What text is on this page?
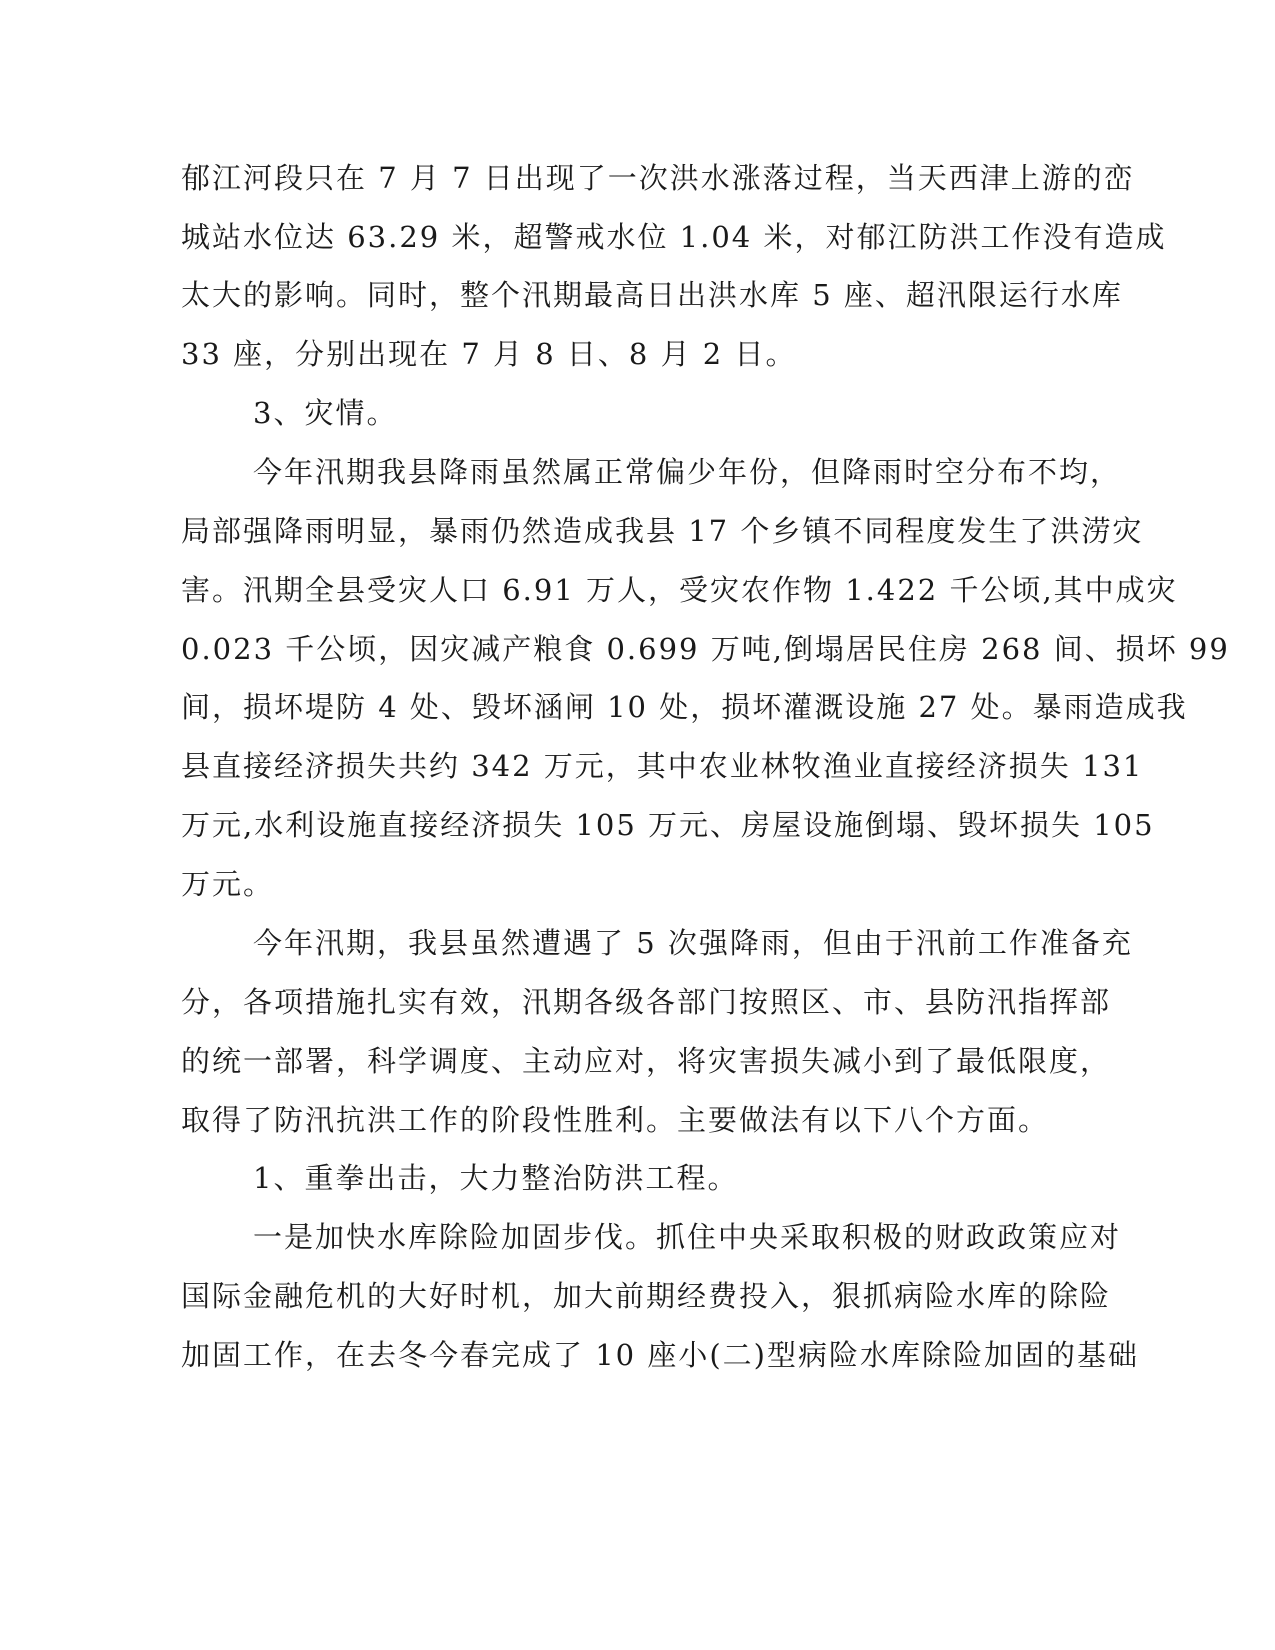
郁江河段只在 7 月 7 日出现了一次洪水涨落过程，当天西津上游的峦
城站水位达 63.29 米，超警戒水位 1.04 米，对郁江防洪工作没有造成
太大的影响。同时，整个汛期最高日出洪水库 5 座、超汛限运行水库
33 座，分别出现在 7 月 8 日、8 月 2 日。
3、灾情。
今年汛期我县降雨虽然属正常偏少年份，但降雨时空分布不均，
局部强降雨明显，暴雨仍然造成我县 17 个乡镇不同程度发生了洪涝灾
害。汛期全县受灾人口 6.91 万人，受灾农作物 1.422 千公顷,其中成灾
0.023 千公顷，因灾减产粮食 0.699 万吨,倒塌居民住房 268 间、损坏 99
间，损坏堤防 4 处、毁坏涵闸 10 处，损坏灌溉设施 27 处。暴雨造成我
县直接经济损失共约 342 万元，其中农业林牧渔业直接经济损失 131
万元,水利设施直接经济损失 105 万元、房屋设施倒塌、毁坏损失 105
万元。
今年汛期，我县虽然遭遇了 5 次强降雨，但由于汛前工作准备充
分，各项措施扎实有效，汛期各级各部门按照区、市、县防汛指挥部
的统一部署，科学调度、主动应对，将灾害损失减小到了最低限度，
取得了防汛抗洪工作的阶段性胜利。主要做法有以下八个方面。
1、重拳出击，大力整治防洪工程。
一是加快水库除险加固步伐。抓住中央采取积极的财政政策应对
国际金融危机的大好时机，加大前期经费投入，狠抓病险水库的除险
加固工作，在去冬今春完成了 10 座小(二)型病险水库除险加固的基础
